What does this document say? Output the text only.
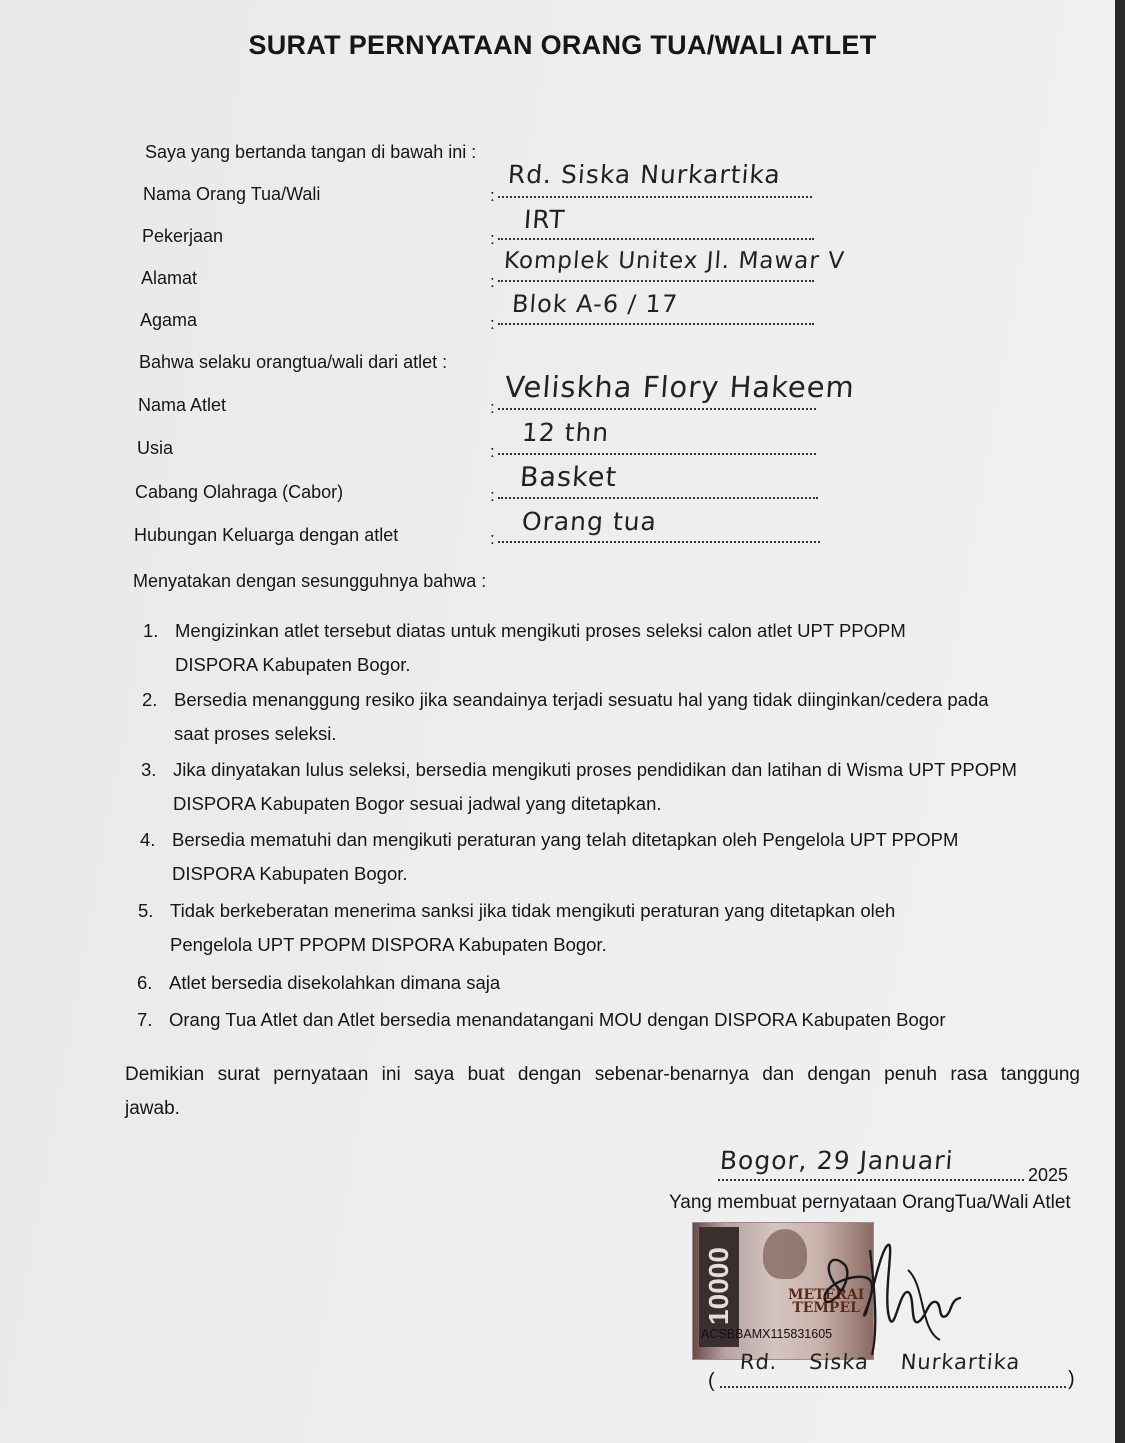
SURAT PERNYATAAN ORANG TUA/WALI ATLET
Saya yang bertanda tangan di bawah ini :
Nama Orang Tua/Wali	:
Rd. Siska Nurkartika
Pekerjaan	:
IRT
Alamat	:
Komplek Unitex Jl. Mawar V
Agama	:
Blok A-6 / 17
Bahwa selaku orangtua/wali dari atlet :
Nama Atlet	:
Veliskha Flory Hakeem
Usia	:
12 thn
Cabang Olahraga (Cabor)	:
Basket
Hubungan Keluarga dengan atlet	:
Orang tua
Menyatakan dengan sesungguhnya bahwa :
1. Mengizinkan atlet tersebut diatas untuk mengikuti proses seleksi calon atlet UPT PPOPM
DISPORA Kabupaten Bogor.
2. Bersedia menanggung resiko jika seandainya terjadi sesuatu hal yang tidak diinginkan/cedera pada
saat proses seleksi.
3. Jika dinyatakan lulus seleksi, bersedia mengikuti proses pendidikan dan latihan di Wisma UPT PPOPM
DISPORA Kabupaten Bogor sesuai jadwal yang ditetapkan.
4. Bersedia mematuhi dan mengikuti peraturan yang telah ditetapkan oleh Pengelola UPT PPOPM
DISPORA Kabupaten Bogor.
5. Tidak berkeberatan menerima sanksi jika tidak mengikuti peraturan yang ditetapkan oleh
Pengelola UPT PPOPM DISPORA Kabupaten Bogor.
6. Atlet bersedia disekolahkan dimana saja
7. Orang Tua Atlet dan Atlet bersedia menandatangani MOU dengan DISPORA Kabupaten Bogor
Demikian surat pernyataan ini saya buat dengan sebenar-benarnya dan dengan penuh rasa tanggung
jawab.
Bogor, 29 Januari	2025
Yang membuat pernyataan OrangTua/Wali Atlet
10000	METERAI
TEMPEL
ACSBBAMX115831605
(	)
Rd. Siska Nurkartika
